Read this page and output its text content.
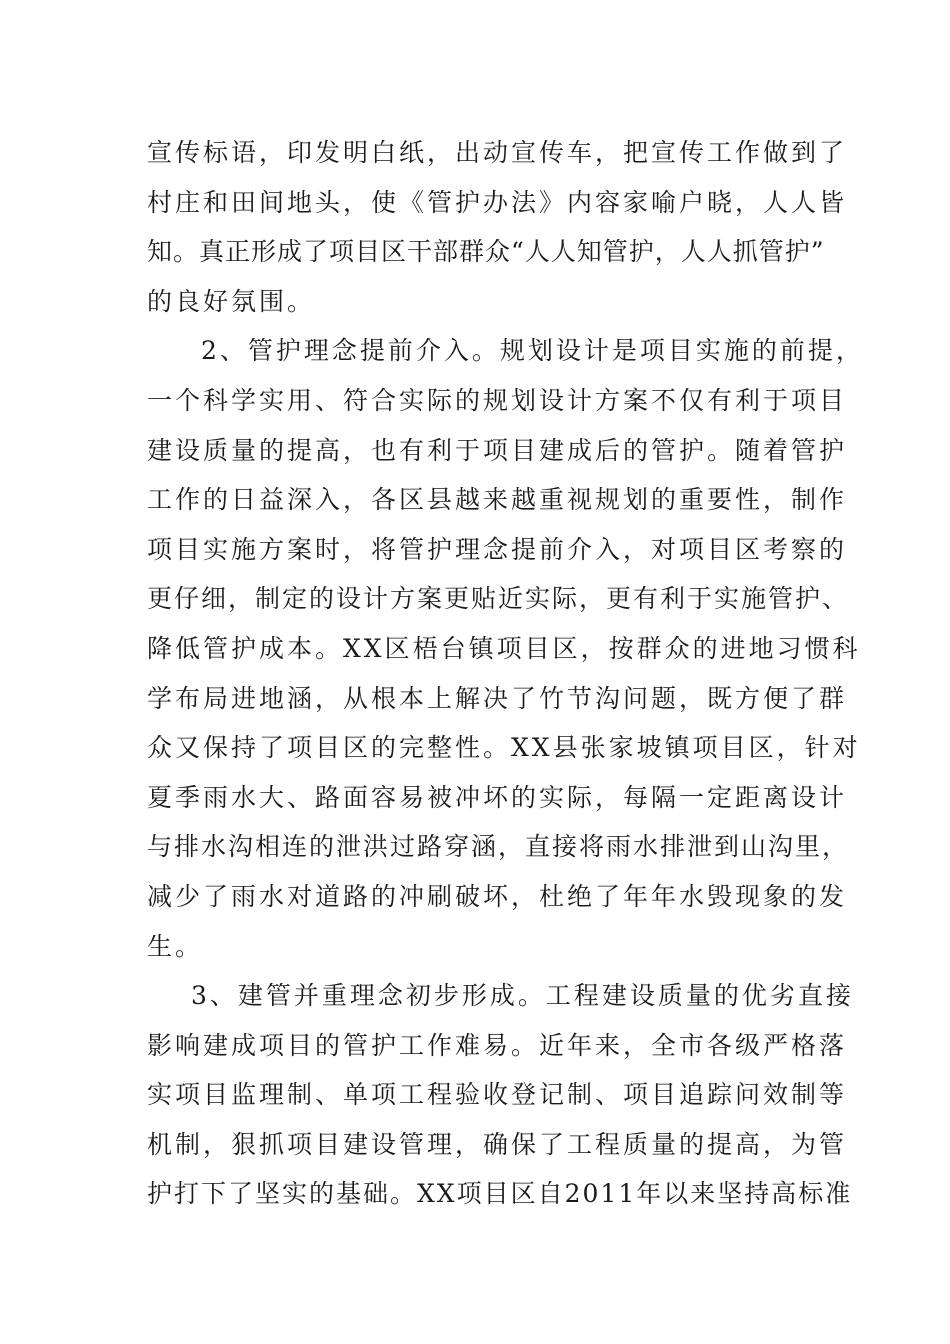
宣传标语，印发明白纸，出动宣传车，把宣传工作做到了
村庄和田间地头，使《管护办法》内容家喻户晓，人人皆
知。真正形成了项目区干部群众“人人知管护，人人抓管护”
的良好氛围。
2、管护理念提前介入。规划设计是项目实施的前提，
一个科学实用、符合实际的规划设计方案不仅有利于项目
建设质量的提高，也有利于项目建成后的管护。随着管护
工作的日益深入，各区县越来越重视规划的重要性，制作
项目实施方案时，将管护理念提前介入，对项目区考察的
更仔细，制定的设计方案更贴近实际，更有利于实施管护、
降低管护成本。XX区梧台镇项目区，按群众的进地习惯科
学布局进地涵，从根本上解决了竹节沟问题，既方便了群
众又保持了项目区的完整性。XX县张家坡镇项目区，针对
夏季雨水大、路面容易被冲坏的实际，每隔一定距离设计
与排水沟相连的泄洪过路穿涵，直接将雨水排泄到山沟里，
减少了雨水对道路的冲刷破坏，杜绝了年年水毁现象的发
生。
3、建管并重理念初步形成。工程建设质量的优劣直接
影响建成项目的管护工作难易。近年来，全市各级严格落
实项目监理制、单项工程验收登记制、项目追踪问效制等
机制，狠抓项目建设管理，确保了工程质量的提高，为管
护打下了坚实的基础。XX项目区自2011年以来坚持高标准
